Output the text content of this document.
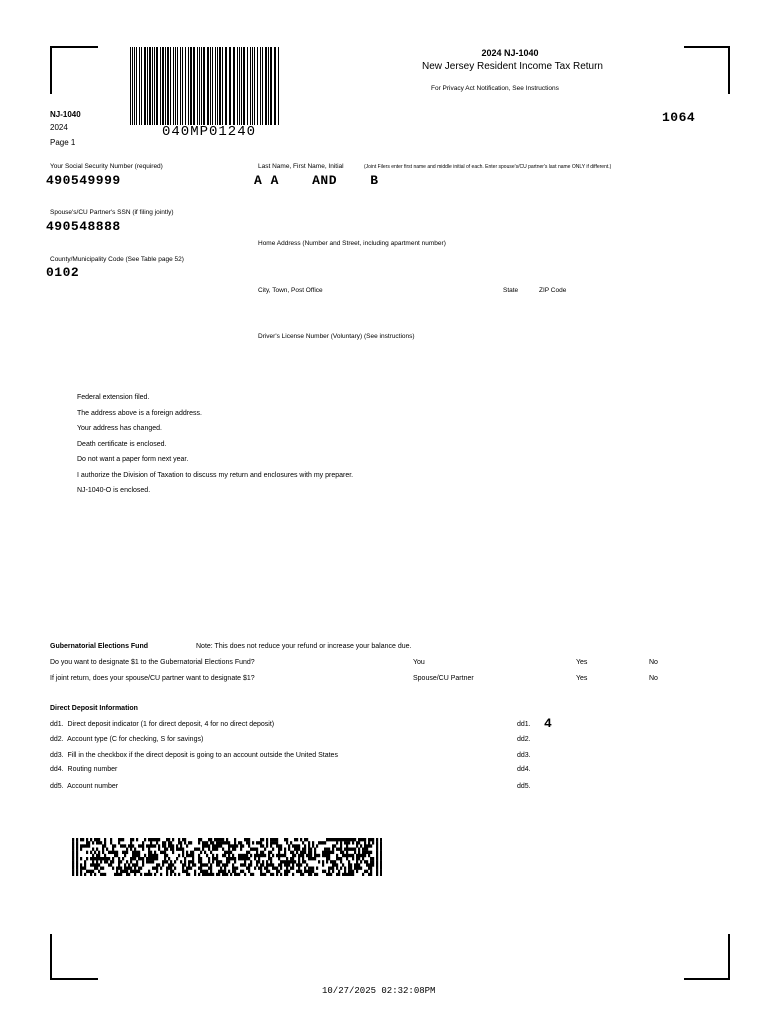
040MP01240
2024 NJ-1040
New Jersey Resident Income Tax Return
For Privacy Act Notification, See Instructions
NJ-1040
2024
Page 1
1064
Your Social Security Number (required)
490549999
Last Name, First Name, Initial	(Joint Filers enter first name and middle initial of each. Enter spouse's/CU partner's last name ONLY if different.)
A A    AND    B
Spouse's/CU Partner's SSN (if filing jointly)
490548888
Home Address (Number and Street, including apartment number)
County/Municipality Code (See Table page 52)
0102
City, Town, Post Office	State	ZIP Code
Driver's License Number (Voluntary) (See instructions)
Federal extension filed.
The address above is a foreign address.
Your address has changed.
Death certificate is enclosed.
Do not want a paper form next year.
I authorize the Division of Taxation to discuss my return and enclosures with my preparer.
NJ-1040-O is enclosed.
Gubernatorial Elections Fund	Note: This does not reduce your refund or increase your balance due.
Do you want to designate $1 to the Gubernatorial Elections Fund?	You	Yes	No
If joint return, does your spouse/CU partner want to designate $1?	Spouse/CU Partner	Yes	No
Direct Deposit Information
dd1.  Direct deposit indicator (1 for direct deposit, 4 for no direct deposit)	dd1. 4
dd2.  Account type (C for checking, S for savings)	dd2.
dd3.  Fill in the checkbox if the direct deposit is going to an account outside the United States	dd3.
dd4.  Routing number	dd4.
dd5.  Account number	dd5.
10/27/2025 02:32:08PM
